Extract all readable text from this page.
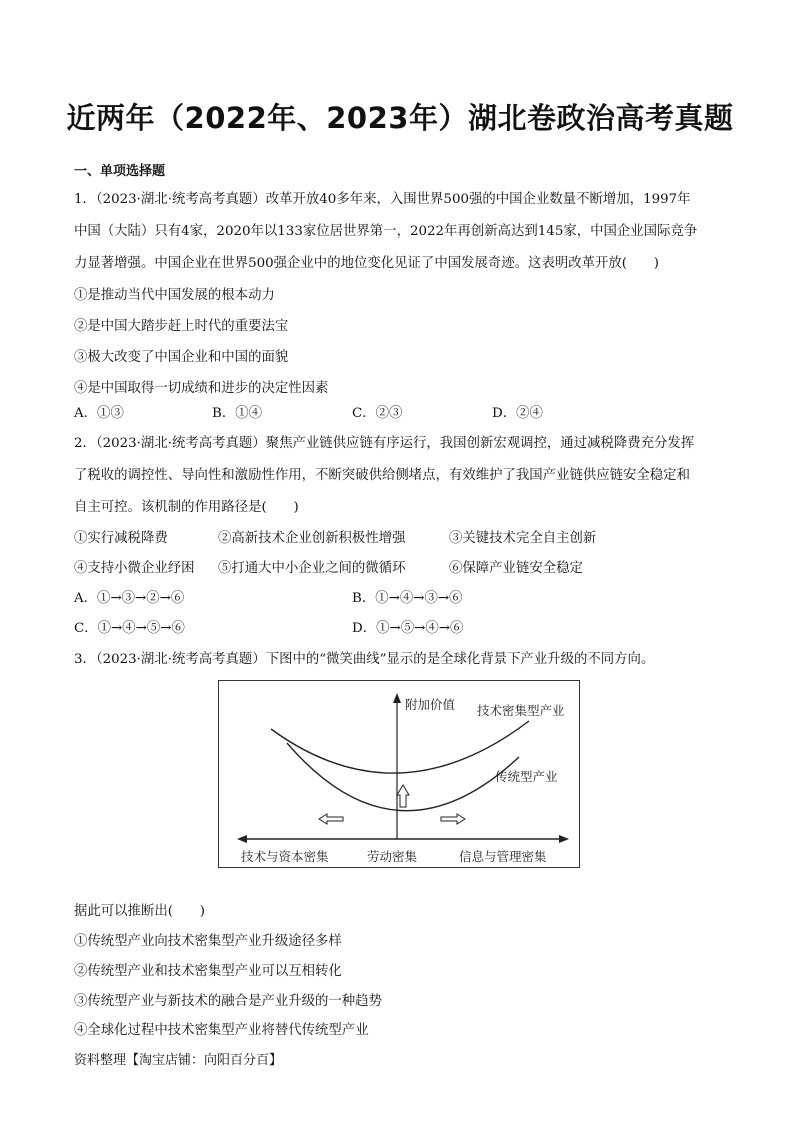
近两年（2022年、2023年）湖北卷政治高考真题
一、单项选择题
1．（2023·湖北·统考高考真题）改革开放40多年来，入围世界500强的中国企业数量不断增加，1997年
中国（大陆）只有4家，2020年以133家位居世界第一，2022年再创新高达到145家，中国企业国际竞争
力显著增强。中国企业在世界500强企业中的地位变化见证了中国发展奇迹。这表明改革开放(　　)
①是推动当代中国发展的根本动力
②是中国大踏步赶上时代的重要法宝
③极大改变了中国企业和中国的面貌
④是中国取得一切成绩和进步的决定性因素
A．①③	B．①④	C．②③	D．②④
2．（2023·湖北·统考高考真题）聚焦产业链供应链有序运行，我国创新宏观调控，通过减税降费充分发挥
了税收的调控性、导向性和激励性作用，不断突破供给侧堵点，有效维护了我国产业链供应链安全稳定和
自主可控。该机制的作用路径是(　　)
①实行减税降费	②高新技术企业创新积极性增强	③关键技术完全自主创新
④支持小微企业纾困 ⑤打通大中小企业之间的微循环	⑥保障产业链安全稳定
A．①→③→②→⑥	B．①→④→③→⑥
C．①→④→⑤→⑥	D．①→⑤→④→⑥
3．（2023·湖北·统考高考真题）下图中的“微笑曲线”显示的是全球化背景下产业升级的不同方向。
附加价值 技术密集型产业
传统型产业
技术与资本密集	劳动密集	信息与管理密集
据此可以推断出(　　)
①传统型产业向技术密集型产业升级途径多样
②传统型产业和技术密集型产业可以互相转化
③传统型产业与新技术的融合是产业升级的一种趋势
④全球化过程中技术密集型产业将替代传统型产业
资料整理【淘宝店铺：向阳百分百】
